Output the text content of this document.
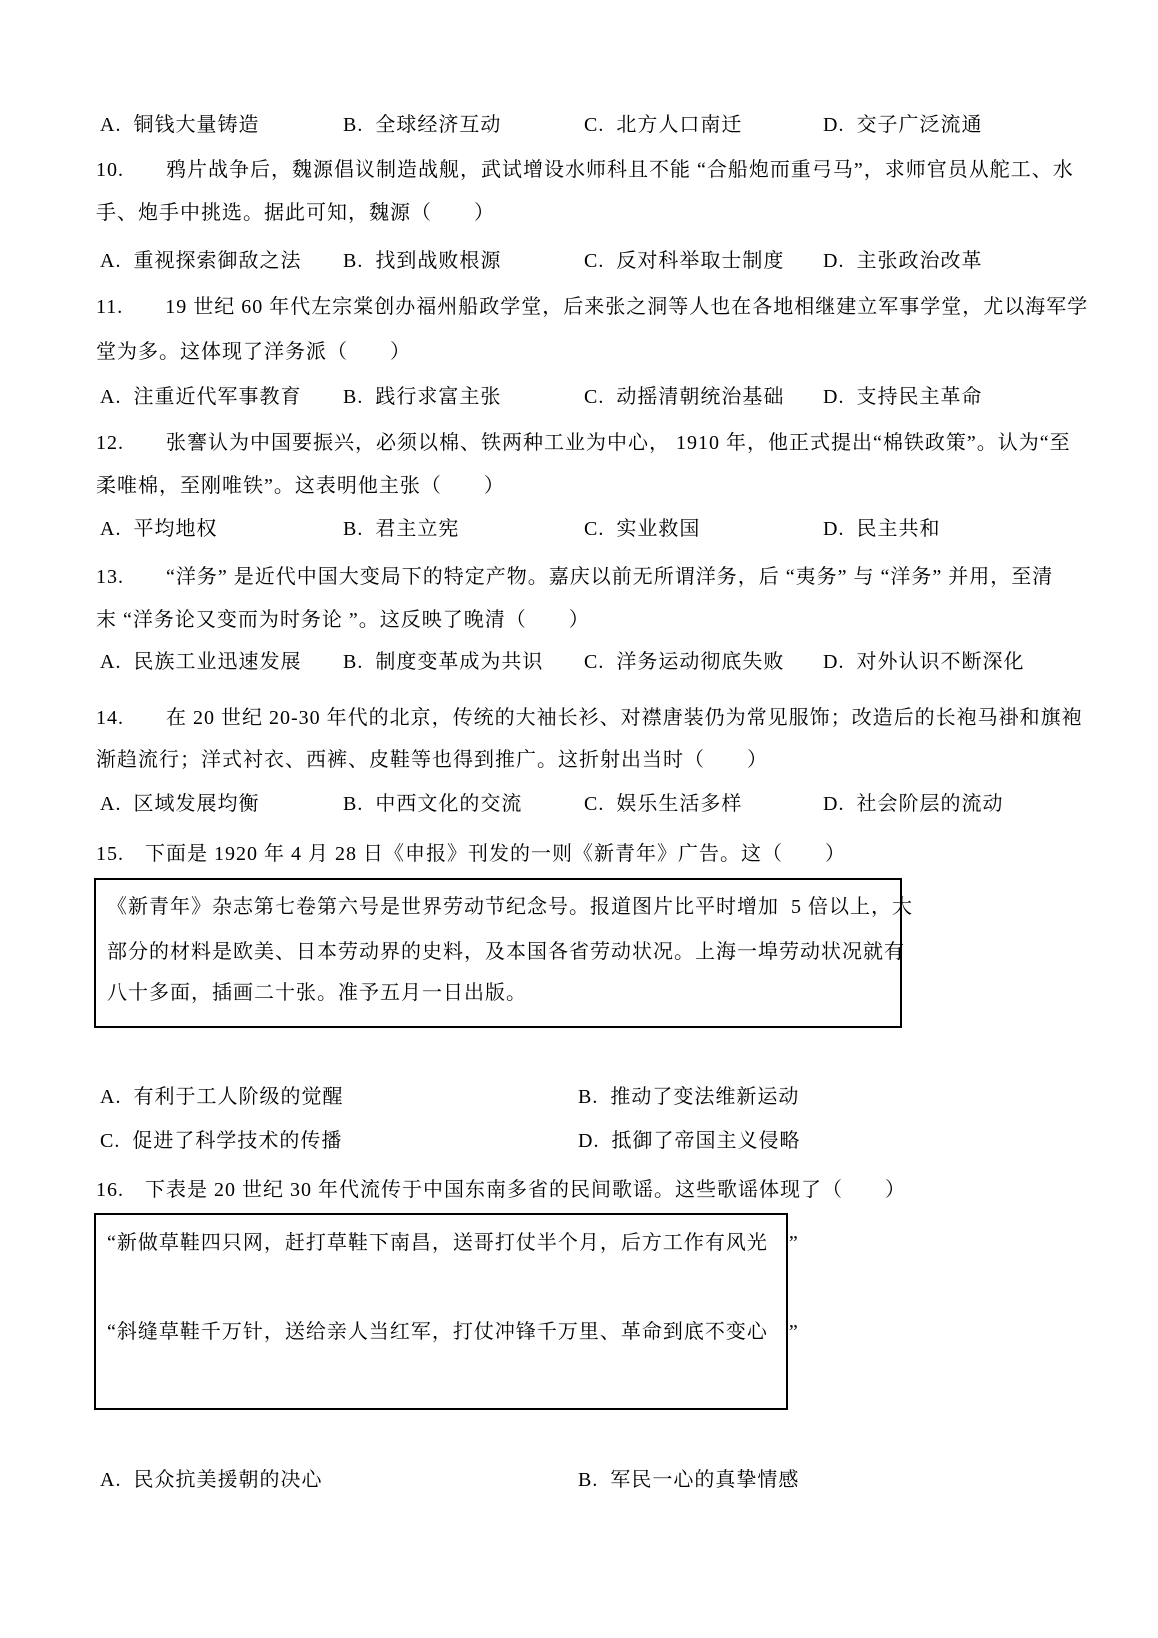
A.  铜钱大量铸造	B.  全球经济互动	C.  北方人口南迁	D.  交子广泛流通
10.　　鸦片战争后，魏源倡议制造战舰，武试增设水师科且不能 “合船炮而重弓马”，求师官员从舵工、水
手、炮手中挑选。据此可知，魏源（　　）
A.  重视探索御敌之法 B.  找到战败根源	C.  反对科举取士制度 D.  主张政治改革
11.　　19 世纪 60 年代左宗棠创办福州船政学堂，后来张之洞等人也在各地相继建立军事学堂，尤以海军学
堂为多。这体现了洋务派（　　）
A.  注重近代军事教育 B.  践行求富主张	C.  动摇清朝统治基础 D.  支持民主革命
12.　　张謇认为中国要振兴，必须以棉、铁两种工业为中心， 1910 年，他正式提出“棉铁政策”。认为“至
柔唯棉，至刚唯铁”。这表明他主张（　　）
A.  平均地权	B.  君主立宪	C.  实业救国	D.  民主共和
13.　　“洋务” 是近代中国大变局下的特定产物。嘉庆以前无所谓洋务，后 “夷务” 与 “洋务” 并用，至清
末 “洋务论又变而为时务论 ”。这反映了晚清（　　）
A.  民族工业迅速发展 B.  制度变革成为共识 C.  洋务运动彻底失败 D.  对外认识不断深化
14.　　在 20 世纪 20-30 年代的北京，传统的大袖长衫、对襟唐装仍为常见服饰；改造后的长袍马褂和旗袍
渐趋流行；洋式衬衣、西裤、皮鞋等也得到推广。这折射出当时（　　）
A.  区域发展均衡	B.  中西文化的交流	C.  娱乐生活多样	D.  社会阶层的流动
15.　下面是 1920 年 4 月 28 日《申报》刊发的一则《新青年》广告。这（　　）
《新青年》杂志第七卷第六号是世界劳动节纪念号。报道图片比平时增加  5 倍以上，大
部分的材料是欧美、日本劳动界的史料，及本国各省劳动状况。上海一埠劳动状况就有
八十多面，插画二十张。准予五月一日出版。
A.  有利于工人阶级的觉醒	B.  推动了变法维新运动
C.  促进了科学技术的传播	D.  抵御了帝国主义侵略
16.　下表是 20 世纪 30 年代流传于中国东南多省的民间歌谣。这些歌谣体现了（　　）
“新做草鞋四只网，赶打草鞋下南昌，送哥打仗半个月，后方工作有风光　”
“斜缝草鞋千万针，送给亲人当红军，打仗冲锋千万里、革命到底不变心　”
A.  民众抗美援朝的决心	B.  军民一心的真挚情感
